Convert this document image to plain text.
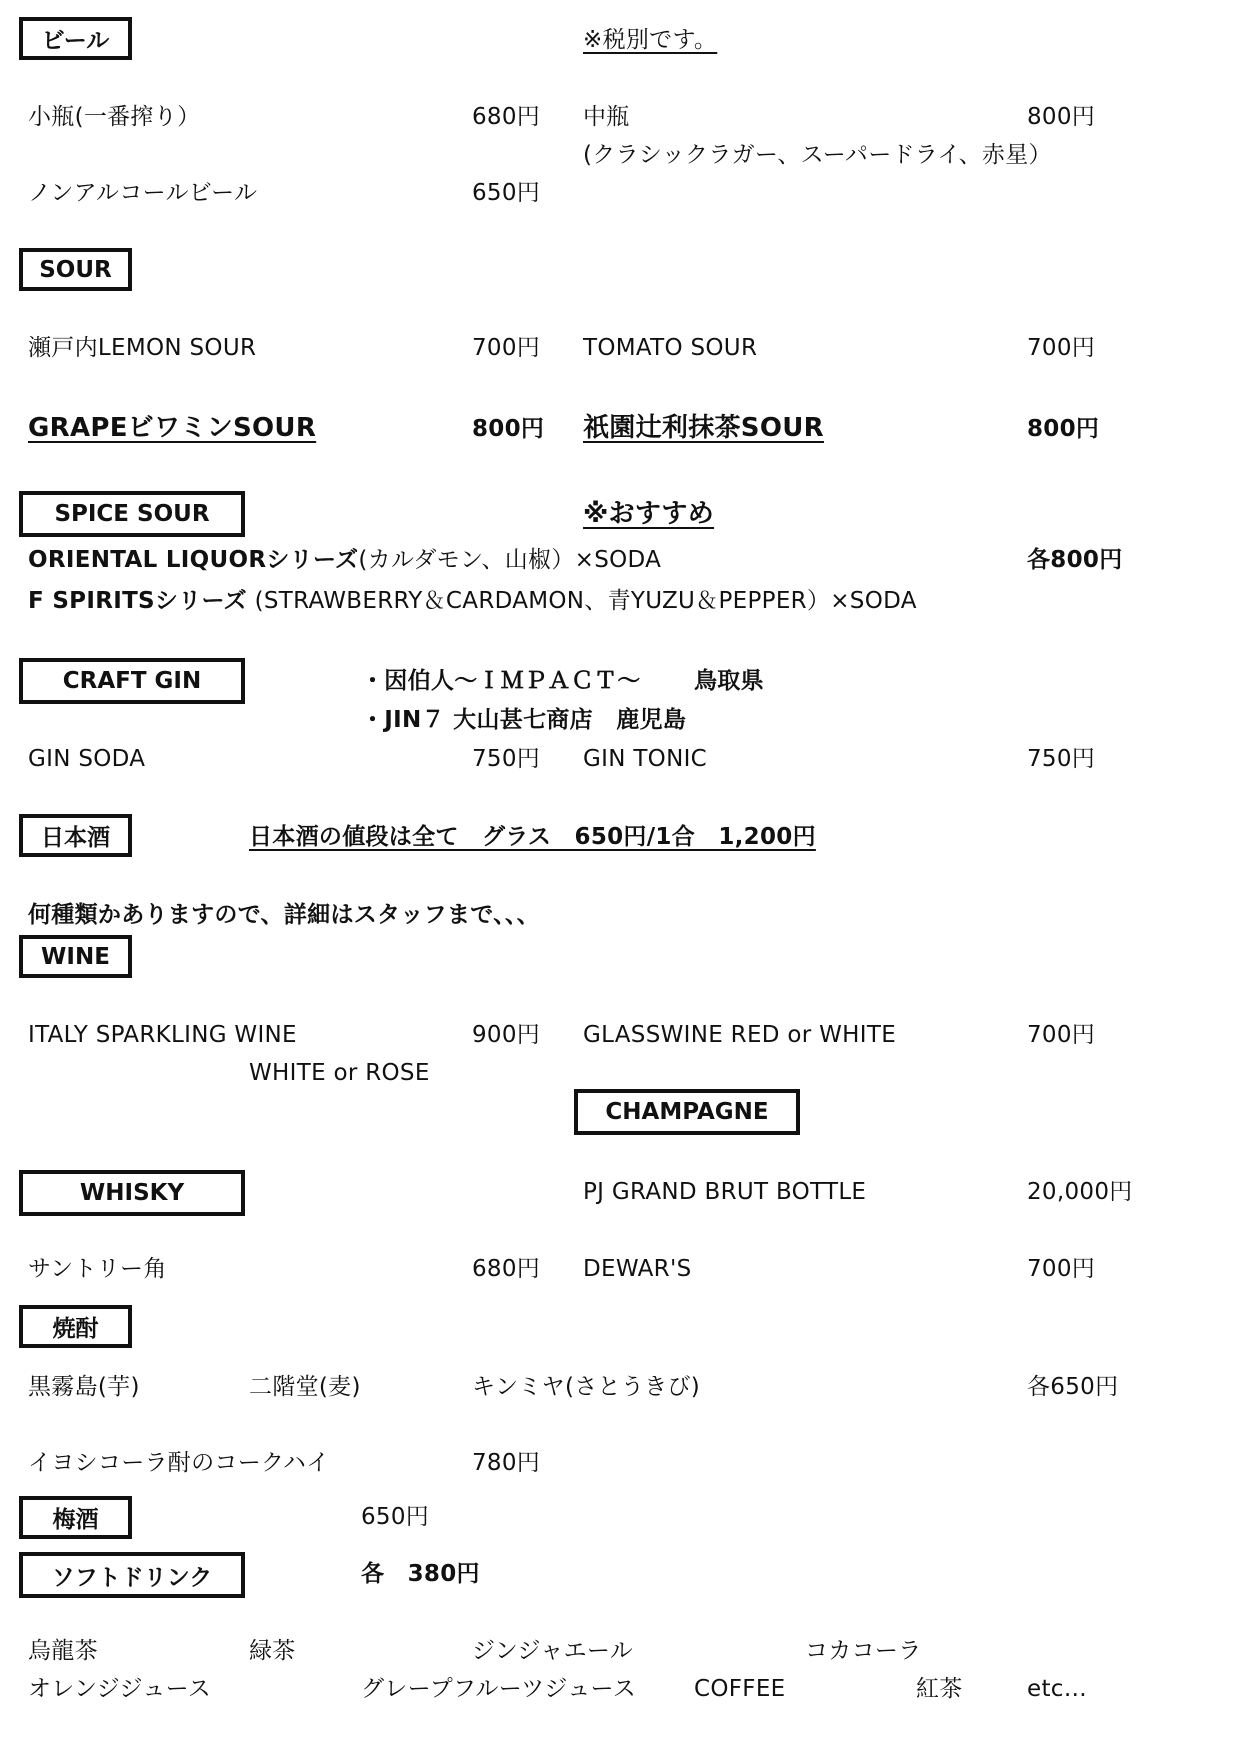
ビール	※税別です。
小瓶(一番搾り）	680円 中瓶	800円
(クラシックラガー、スーパードライ、赤星）
ノンアルコールビール	650円
SOUR
瀬戸内LEMON SOUR	700円 TOMATO SOUR	700円
GRAPEビワミンSOUR	800円 祇園辻利抹茶SOUR	800円
SPICE SOUR	※おすすめ
ORIENTAL LIQUORシリーズ(カルダモン、山椒）×SODA	各800円
F SPIRITSシリーズ (STRAWBERRY＆CARDAMON、青YUZU＆PEPPER）×SODA
CRAFT GIN	・因伯人～ＩＭＰＡＣＴ～ 鳥取県
・JIN７ 大山甚七商店　鹿児島
GIN SODA	750円 GIN TONIC	750円
日本酒	日本酒の値段は全て　グラス　650円/1合　1,200円
何種類かありますので、詳細はスタッフまで、、、
WINE
ITALY SPARKLING WINE	900円 GLASSWINE RED or WHITE	700円
WHITE or ROSE
CHAMPAGNE
WHISKY	PJ GRAND BRUT BOTTLE	20,000円
サントリー角	680円 DEWAR'S	700円
焼酎
黒霧島(芋)	二階堂(麦)	キンミヤ(さとうきび)	各650円
イヨシコーラ酎のコークハイ	780円
梅酒	650円
ソフトドリンク	各　380円
烏龍茶	緑茶	ジンジャエール	コカコーラ
オレンジジュース	グレープフルーツジュース	COFFEE	紅茶	etc…
